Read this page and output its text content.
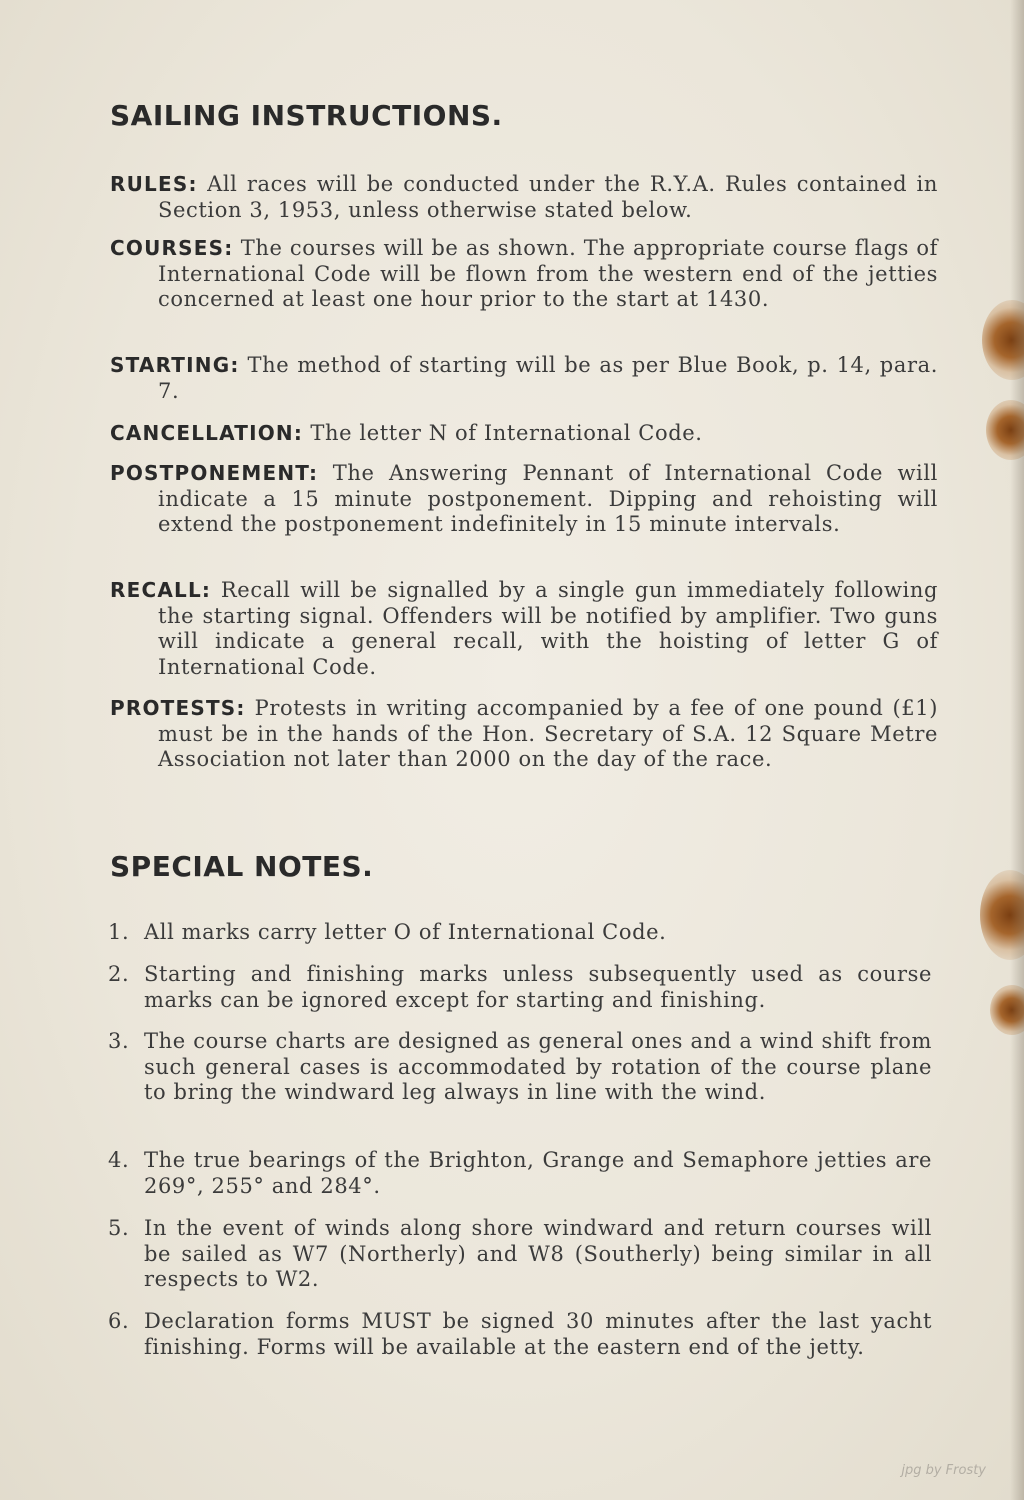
SAILING INSTRUCTIONS.

RULES: All races will be conducted under the R.Y.A. Rules contained in Section 3, 1953, unless otherwise stated below.

COURSES: The courses will be as shown. The appropriate course flags of International Code will be flown from the western end of the jetties concerned at least one hour prior to the start at 1430.

STARTING: The method of starting will be as per Blue Book, p. 14, para. 7.

CANCELLATION: The letter N of International Code.

POSTPONEMENT: The Answering Pennant of International Code will indicate a 15 minute postponement. Dipping and rehoisting will extend the postponement indefinitely in 15 minute intervals.

RECALL: Recall will be signalled by a single gun immediately following the starting signal. Offenders will be notified by amplifier. Two guns will indicate a general recall, with the hoisting of letter G of International Code.

PROTESTS: Protests in writing accompanied by a fee of one pound (£1) must be in the hands of the Hon. Secretary of S.A. 12 Square Metre Association not later than 2000 on the day of the race.

SPECIAL NOTES.

1. All marks carry letter O of International Code.

2. Starting and finishing marks unless subsequently used as course marks can be ignored except for starting and finishing.

3. The course charts are designed as general ones and a wind shift from such general cases is accommodated by rotation of the course plane to bring the windward leg always in line with the wind.

4. The true bearings of the Brighton, Grange and Semaphore jetties are 269°, 255° and 284°.

5. In the event of winds along shore windward and return courses will be sailed as W7 (Northerly) and W8 (Southerly) being similar in all respects to W2.

6. Declaration forms MUST be signed 30 minutes after the last yacht finishing. Forms will be available at the eastern end of the jetty.

jpg by Frosty
